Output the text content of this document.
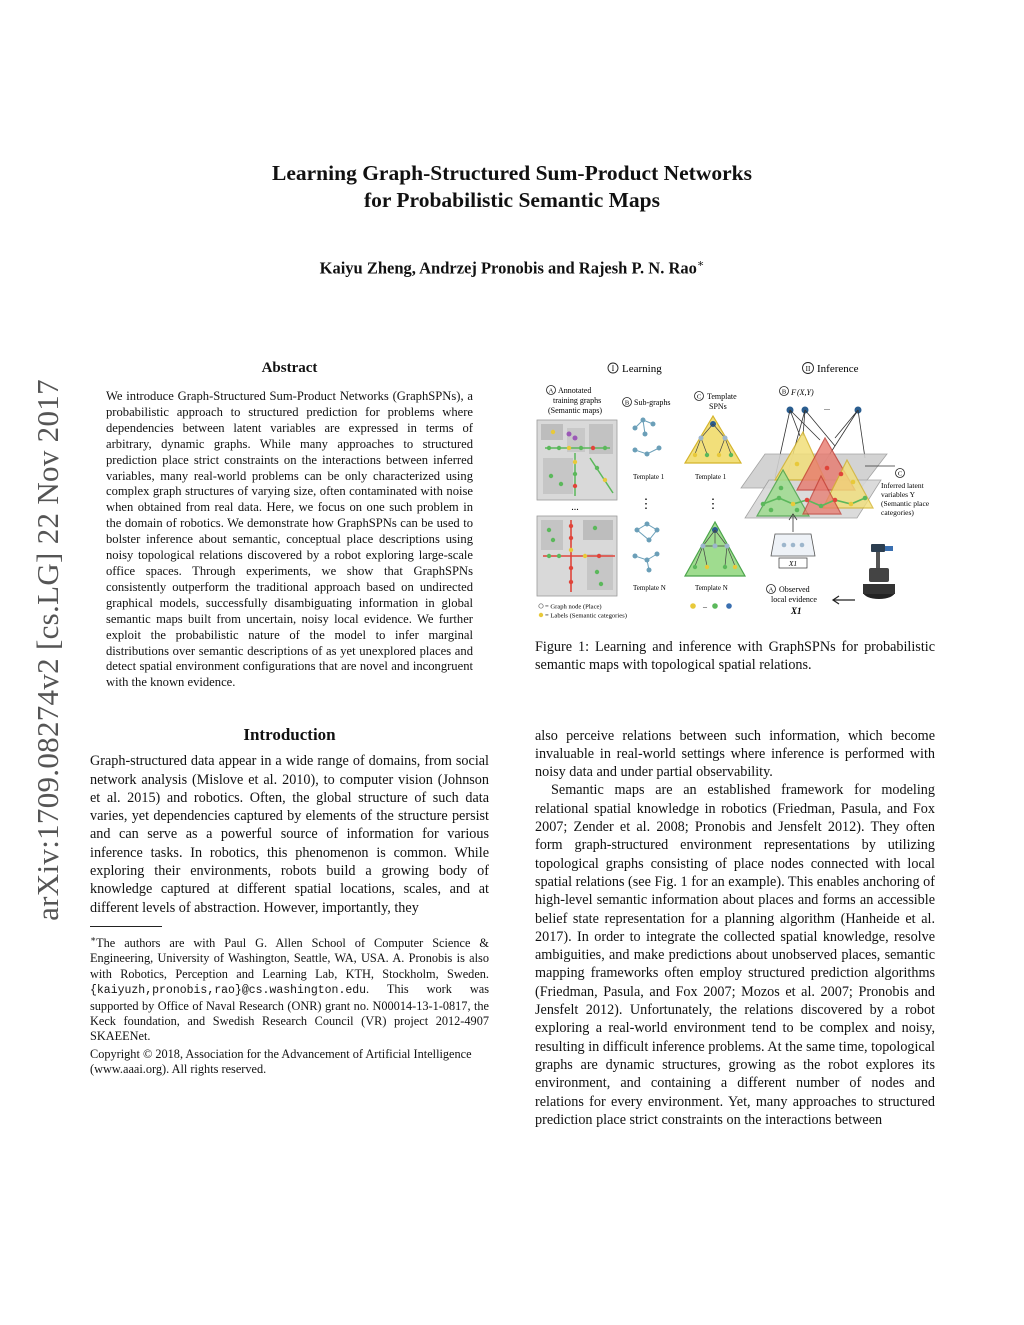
arXiv:1709.08274v2 [cs.LG] 22 Nov 2017
Learning Graph-Structured Sum-Product Networks
for Probabilistic Semantic Maps

Kaiyu Zheng, Andrzej Pronobis and Rajesh P. N. Rao∗

Abstract

We introduce Graph-Structured Sum-Product Networks (GraphSPNs), a probabilistic approach to structured prediction for problems where dependencies between latent variables are expressed in terms of arbitrary, dynamic graphs. While many approaches to structured prediction place strict constraints on the interactions between inferred variables, many real-world problems can be only characterized using complex graph structures of varying size, often contaminated with noise when obtained from real data. Here, we focus on one such problem in the domain of robotics. We demonstrate how GraphSPNs can be used to bolster inference about semantic, conceptual place descriptions using noisy topological relations discovered by a robot exploring large-scale office spaces. Through experiments, we show that GraphSPNs consistently outperform the traditional approach based on undirected graphical models, successfully disambiguating information in global semantic maps built from uncertain, noisy local evidence. We further exploit the probabilistic nature of the model to infer marginal distributions over semantic descriptions of as yet unexplored places and detect spatial environment configurations that are novel and incongruent with the known evidence.

Introduction

Graph-structured data appear in a wide range of domains, from social network analysis (Mislove et al. 2010), to computer vision (Johnson et al. 2015) and robotics. Often, the global structure of such data varies, yet dependencies captured by elements of the structure persist and can serve as a powerful source of information for various inference tasks. In robotics, this phenomenon is common. While exploring their environments, robots build a growing body of knowledge captured at different spatial locations, scales, and at different levels of abstraction. However, importantly, they

∗The authors are with Paul G. Allen School of Computer Science & Engineering, University of Washington, Seattle, WA, USA. A. Pronobis is also with Robotics, Perception and Learning Lab, KTH, Stockholm, Sweden. {kaiyuzh,pronobis,rao}@cs.washington.edu. This work was supported by Office of Naval Research (ONR) grant no. N00014-13-1-0817, the Keck foundation, and Swedish Research Council (VR) project 2012-4907 SKAEENet.

Copyright © 2018, Association for the Advancement of Artificial Intelligence (www.aaai.org). All rights reserved.

I Learning	II Inference
A Annotated
training graphs
(Semantic maps)
B Sub-graphs
C Template
SPNs
...
= Graph node (Place)
= Labels (Semantic categories)
Template 1
⋮
Template N
Template 1
⋮
Template N
–
B F (X,Y)
...
C
Inferred latent
variables Y
(Semantic place
categories)
X1
A Observed
local evidence
X1

Figure 1: Learning and inference with GraphSPNs for probabilistic semantic maps with topological spatial relations.

also perceive relations between such information, which become invaluable in real-world settings where inference is performed with noisy data and under partial observability.

Semantic maps are an established framework for modeling relational spatial knowledge in robotics (Friedman, Pasula, and Fox 2007; Zender et al. 2008; Pronobis and Jensfelt 2012). They often form graph-structured environment representations by utilizing topological graphs consisting of place nodes connected with local spatial relations (see Fig. 1 for an example). This enables anchoring of high-level semantic information about places and forms an accessible belief state representation for a planning algorithm (Hanheide et al. 2017). In order to integrate the collected spatial knowledge, resolve ambiguities, and make predictions about unobserved places, semantic mapping frameworks often employ structured prediction algorithms (Friedman, Pasula, and Fox 2007; Mozos et al. 2007; Pronobis and Jensfelt 2012). Unfortunately, the relations discovered by a robot exploring a real-world environment tend to be complex and noisy, resulting in difficult inference problems. At the same time, topological graphs are dynamic structures, growing as the robot explores its environment, and containing a different number of nodes and relations for every environment. Yet, many approaches to structured prediction place strict constraints on the interactions between
